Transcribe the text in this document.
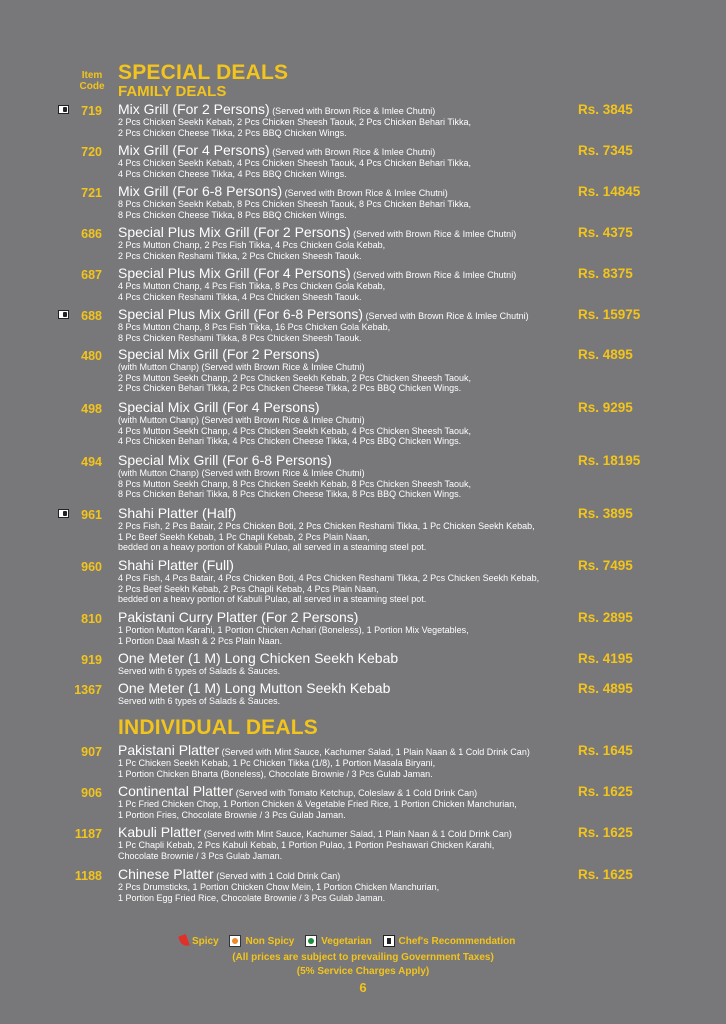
Item
Code
SPECIAL DEALS
FAMILY DEALS
719 Mix Grill (For 2 Persons) (Served with Brown Rice & Imlee Chutni)
2 Pcs Chicken Seekh Kebab, 2 Pcs Chicken Sheesh Taouk, 2 Pcs Chicken Behari Tikka,
2 Pcs Chicken Cheese Tikka, 2 Pcs BBQ Chicken Wings.
Rs. 3845
720 Mix Grill (For 4 Persons) (Served with Brown Rice & Imlee Chutni)
4 Pcs Chicken Seekh Kebab, 4 Pcs Chicken Sheesh Taouk, 4 Pcs Chicken Behari Tikka,
4 Pcs Chicken Cheese Tikka, 4 Pcs BBQ Chicken Wings.
Rs. 7345
721 Mix Grill (For 6-8 Persons) (Served with Brown Rice & Imlee Chutni)
8 Pcs Chicken Seekh Kebab, 8 Pcs Chicken Sheesh Taouk, 8 Pcs Chicken Behari Tikka,
8 Pcs Chicken Cheese Tikka, 8 Pcs BBQ Chicken Wings.
Rs. 14845
686 Special Plus Mix Grill (For 2 Persons) (Served with Brown Rice & Imlee Chutni)
2 Pcs Mutton Chanp, 2 Pcs Fish Tikka, 4 Pcs Chicken Gola Kebab,
2 Pcs Chicken Reshami Tikka, 2 Pcs Chicken Sheesh Taouk.
Rs. 4375
687 Special Plus Mix Grill (For 4 Persons) (Served with Brown Rice & Imlee Chutni)
4 Pcs Mutton Chanp, 4 Pcs Fish Tikka, 8 Pcs Chicken Gola Kebab,
4 Pcs Chicken Reshami Tikka, 4 Pcs Chicken Sheesh Taouk.
Rs. 8375
688 Special Plus Mix Grill (For 6-8 Persons) (Served with Brown Rice & Imlee Chutni)
8 Pcs Mutton Chanp, 8 Pcs Fish Tikka, 16 Pcs Chicken Gola Kebab,
8 Pcs Chicken Reshami Tikka, 8 Pcs Chicken Sheesh Taouk.
Rs. 15975
480 Special Mix Grill (For 2 Persons)
(with Mutton Chanp) (Served with Brown Rice & Imlee Chutni)
2 Pcs Mutton Seekh Chanp, 2 Pcs Chicken Seekh Kebab, 2 Pcs Chicken Sheesh Taouk,
2 Pcs Chicken Behari Tikka, 2 Pcs Chicken Cheese Tikka, 2 Pcs BBQ Chicken Wings.
Rs. 4895
498 Special Mix Grill (For 4 Persons)
(with Mutton Chanp) (Served with Brown Rice & Imlee Chutni)
4 Pcs Mutton Seekh Chanp, 4 Pcs Chicken Seekh Kebab, 4 Pcs Chicken Sheesh Taouk,
4 Pcs Chicken Behari Tikka, 4 Pcs Chicken Cheese Tikka, 4 Pcs BBQ Chicken Wings.
Rs. 9295
494 Special Mix Grill (For 6-8 Persons)
(with Mutton Chanp) (Served with Brown Rice & Imlee Chutni)
8 Pcs Mutton Seekh Chanp, 8 Pcs Chicken Seekh Kebab, 8 Pcs Chicken Sheesh Taouk,
8 Pcs Chicken Behari Tikka, 8 Pcs Chicken Cheese Tikka, 8 Pcs BBQ Chicken Wings.
Rs. 18195
961 Shahi Platter (Half)
2 Pcs Fish, 2 Pcs Batair, 2 Pcs Chicken Boti, 2 Pcs Chicken Reshami Tikka, 1 Pc Chicken Seekh Kebab,
1 Pc Beef Seekh Kebab, 1 Pc Chapli Kebab, 2 Pcs Plain Naan,
bedded on a heavy portion of Kabuli Pulao, all served in a steaming steel pot.
Rs. 3895
960 Shahi Platter (Full)
4 Pcs Fish, 4 Pcs Batair, 4 Pcs Chicken Boti, 4 Pcs Chicken Reshami Tikka, 2 Pcs Chicken Seekh Kebab,
2 Pcs Beef Seekh Kebab, 2 Pcs Chapli Kebab, 4 Pcs Plain Naan,
bedded on a heavy portion of Kabuli Pulao, all served in a steaming steel pot.
Rs. 7495
810 Pakistani Curry Platter (For 2 Persons)
1 Portion Mutton Karahi, 1 Portion Chicken Achari (Boneless), 1 Portion Mix Vegetables,
1 Portion Daal Mash & 2 Pcs Plain Naan.
Rs. 2895
919 One Meter (1 M) Long Chicken Seekh Kebab
Served with 6 types of Salads & Sauces.
Rs. 4195
1367 One Meter (1 M) Long Mutton Seekh Kebab
Served with 6 types of Salads & Sauces.
Rs. 4895
INDIVIDUAL DEALS
907 Pakistani Platter (Served with Mint Sauce, Kachumer Salad, 1 Plain Naan & 1 Cold Drink Can)
1 Pc Chicken Seekh Kebab, 1 Pc Chicken Tikka (1/8), 1 Portion Masala Biryani,
1 Portion Chicken Bharta (Boneless), Chocolate Brownie / 3 Pcs Gulab Jaman.
Rs. 1645
906 Continental Platter (Served with Tomato Ketchup, Coleslaw & 1 Cold Drink Can)
1 Pc Fried Chicken Chop, 1 Portion Chicken & Vegetable Fried Rice, 1 Portion Chicken Manchurian,
1 Portion Fries, Chocolate Brownie / 3 Pcs Gulab Jaman.
Rs. 1625
1187 Kabuli Platter (Served with Mint Sauce, Kachumer Salad, 1 Plain Naan & 1 Cold Drink Can)
1 Pc Chapli Kebab, 2 Pcs Kabuli Kebab, 1 Portion Pulao, 1 Portion Peshawari Chicken Karahi,
Chocolate Brownie / 3 Pcs Gulab Jaman.
Rs. 1625
1188 Chinese Platter (Served with 1 Cold Drink Can)
2 Pcs Drumsticks, 1 Portion Chicken Chow Mein, 1 Portion Chicken Manchurian,
1 Portion Egg Fried Rice, Chocolate Brownie / 3 Pcs Gulab Jaman.
Rs. 1625
Spicy
	Non Spicy
	Vegetarian
	Chef's Recommendation
(All prices are subject to prevailing Government Taxes)
(5% Service Charges Apply)
6
